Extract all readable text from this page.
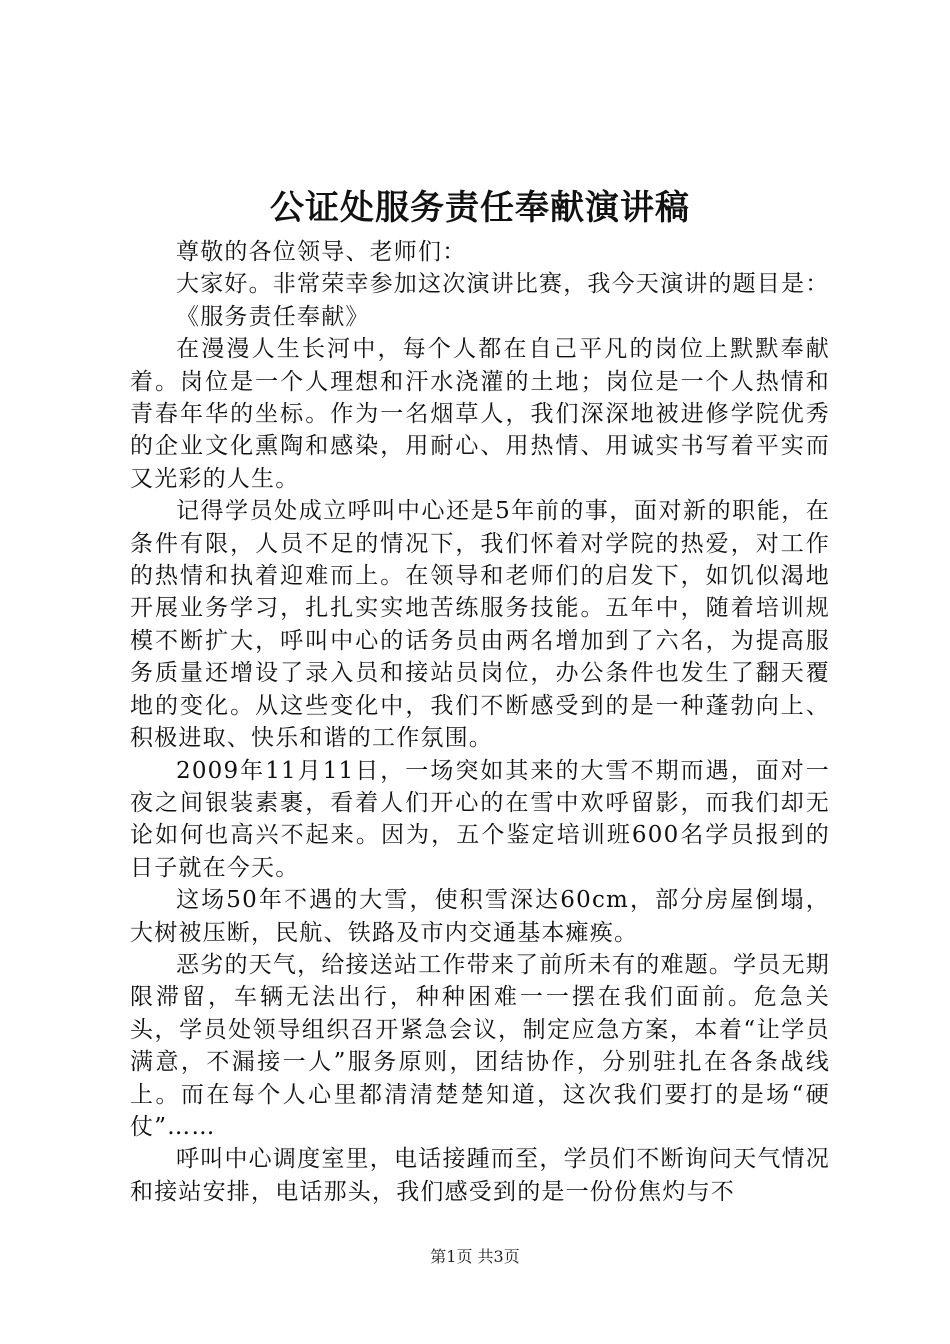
公证处服务责任奉献演讲稿

尊敬的各位领导、老师们：

大家好。非常荣幸参加这次演讲比赛，我今天演讲的题目是：

《服务责任奉献》

在漫漫人生长河中，每个人都在自己平凡的岗位上默默奉献着。岗位是一个人理想和汗水浇灌的土地；岗位是一个人热情和青春年华的坐标。作为一名烟草人，我们深深地被进修学院优秀的企业文化熏陶和感染，用耐心、用热情、用诚实书写着平实而又光彩的人生。

记得学员处成立呼叫中心还是5年前的事，面对新的职能，在条件有限，人员不足的情况下，我们怀着对学院的热爱，对工作的热情和执着迎难而上。在领导和老师们的启发下，如饥似渴地开展业务学习，扎扎实实地苦练服务技能。五年中，随着培训规模不断扩大，呼叫中心的话务员由两名增加到了六名，为提高服务质量还增设了录入员和接站员岗位，办公条件也发生了翻天覆地的变化。从这些变化中，我们不断感受到的是一种蓬勃向上、积极进取、快乐和谐的工作氛围。

2009年11月11日，一场突如其来的大雪不期而遇，面对一夜之间银装素裹，看着人们开心的在雪中欢呼留影，而我们却无论如何也高兴不起来。因为，五个鉴定培训班600名学员报到的日子就在今天。

这场50年不遇的大雪，使积雪深达60cm，部分房屋倒塌，大树被压断，民航、铁路及市内交通基本瘫痪。

恶劣的天气，给接送站工作带来了前所未有的难题。学员无期限滞留，车辆无法出行，种种困难一一摆在我们面前。危急关头，学员处领导组织召开紧急会议，制定应急方案，本着“让学员满意，不漏接一人”服务原则，团结协作，分别驻扎在各条战线上。而在每个人心里都清清楚楚知道，这次我们要打的是场“硬仗”……

呼叫中心调度室里，电话接踵而至，学员们不断询问天气情况和接站安排，电话那头，我们感受到的是一份份焦灼与不

第1页 共3页
